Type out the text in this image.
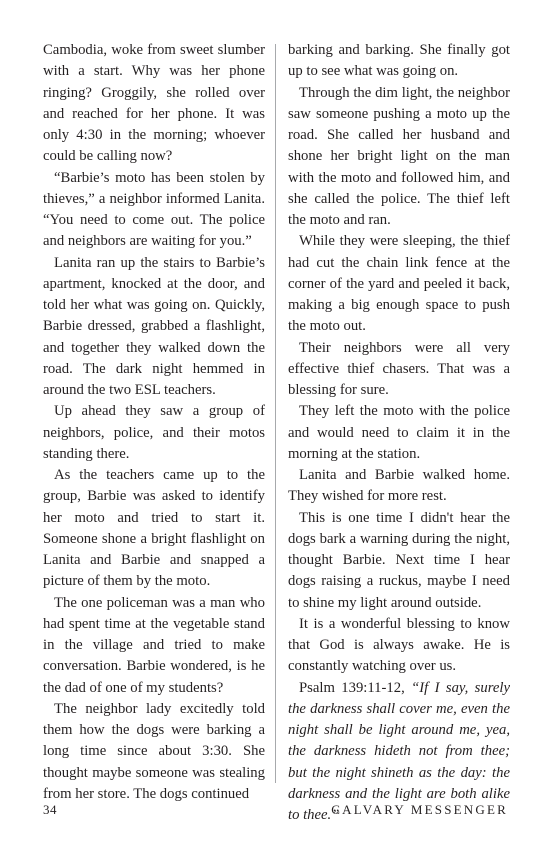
Cambodia, woke from sweet slumber with a start. Why was her phone ringing? Groggily, she rolled over and reached for her phone. It was only 4:30 in the morning; whoever could be calling now?

“Barbie’s moto has been stolen by thieves,” a neighbor informed Lanita. “You need to come out. The police and neighbors are waiting for you.”

Lanita ran up the stairs to Barbie’s apartment, knocked at the door, and told her what was going on. Quickly, Barbie dressed, grabbed a flashlight, and together they walked down the road. The dark night hemmed in around the two ESL teachers.

Up ahead they saw a group of neighbors, police, and their motos standing there.

As the teachers came up to the group, Barbie was asked to identify her moto and tried to start it. Someone shone a bright flashlight on Lanita and Barbie and snapped a picture of them by the moto.

The one policeman was a man who had spent time at the vegetable stand in the village and tried to make conversation. Barbie wondered, is he the dad of one of my students?

The neighbor lady excitedly told them how the dogs were barking a long time since about 3:30. She thought maybe someone was stealing from her store. The dogs continued

barking and barking. She finally got up to see what was going on.

Through the dim light, the neighbor saw someone pushing a moto up the road. She called her husband and shone her bright light on the man with the moto and followed him, and she called the police. The thief left the moto and ran.

While they were sleeping, the thief had cut the chain link fence at the corner of the yard and peeled it back, making a big enough space to push the moto out.

Their neighbors were all very effective thief chasers. That was a blessing for sure.

They left the moto with the police and would need to claim it in the morning at the station.

Lanita and Barbie walked home. They wished for more rest.

This is one time I didn't hear the dogs bark a warning during the night, thought Barbie. Next time I hear dogs raising a ruckus, maybe I need to shine my light around outside.

It is a wonderful blessing to know that God is always awake. He is constantly watching over us.

Psalm 139:11-12, “If I say, surely the darkness shall cover me, even the night shall be light around me, yea, the darkness hideth not from thee; but the night shineth as the day: the darkness and the light are both alike to thee.”

34	CALVARY MESSENGER
